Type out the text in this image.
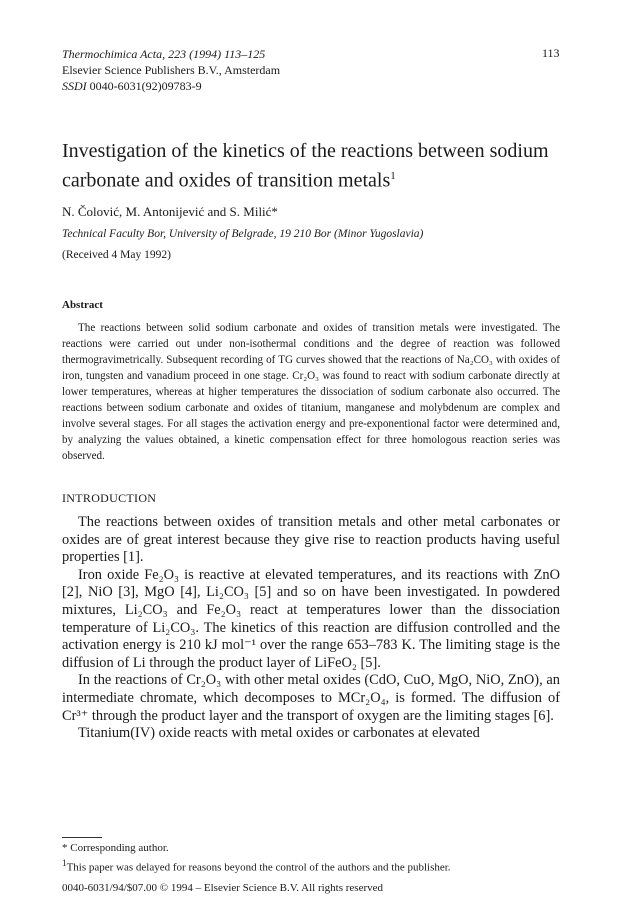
Thermochimica Acta, 223 (1994) 113–125
Elsevier Science Publishers B.V., Amsterdam
SSDI 0040-6031(92)09783-9
113
Investigation of the kinetics of the reactions between sodium carbonate and oxides of transition metals$^1$
N. Čolović, M. Antonijević and S. Milić*
Technical Faculty Bor, University of Belgrade, 19 210 Bor (Minor Yugoslavia)
(Received 4 May 1992)
Abstract

The reactions between solid sodium carbonate and oxides of transition metals were investigated. The reactions were carried out under non-isothermal conditions and the degree of reaction was followed thermogravimetrically. Subsequent recording of TG curves showed that the reactions of Na₂CO₃ with oxides of iron, tungsten and vanadium proceed in one stage. Cr₂O₃ was found to react with sodium carbonate directly at lower temperatures, whereas at higher temperatures the dissociation of sodium carbonate also occurred. The reactions between sodium carbonate and oxides of titanium, manganese and molybdenum are complex and involve several stages. For all stages the activation energy and pre-exponentional factor were determined and, by analyzing the values obtained, a kinetic compensation effect for three homologous reaction series was observed.

INTRODUCTION

The reactions between oxides of transition metals and other metal carbonates or oxides are of great interest because they give rise to reaction products having useful properties [1].

Iron oxide Fe₂O₃ is reactive at elevated temperatures, and its reactions with ZnO [2], NiO [3], MgO [4], Li₂CO₃ [5] and so on have been investigated. In powdered mixtures, Li₂CO₃ and Fe₂O₃ react at temperatures lower than the dissociation temperature of Li₂CO₃. The kinetics of this reaction are diffusion controlled and the activation energy is 210 kJ mol⁻¹ over the range 653–783 K. The limiting stage is the diffusion of Li through the product layer of LiFeO₂ [5].

In the reactions of Cr₂O₃ with other metal oxides (CdO, CuO, MgO, NiO, ZnO), an intermediate chromate, which decomposes to MCr₂O₄, is formed. The diffusion of Cr³⁺ through the product layer and the transport of oxygen are the limiting stages [6].

Titanium(IV) oxide reacts with metal oxides or carbonates at elevated

* Corresponding author.
$^1$This paper was delayed for reasons beyond the control of the authors and the publisher.
0040-6031/94/$07.00 © 1994 – Elsevier Science B.V. All rights reserved
